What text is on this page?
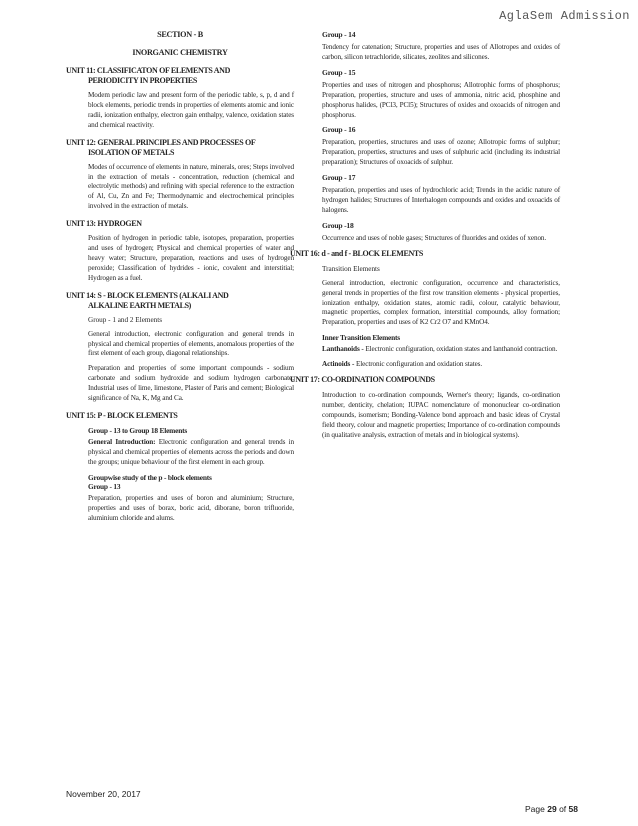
AglaSem Admission
SECTION - B
INORGANIC CHEMISTRY
UNIT 11: CLASSIFICATON OF ELEMENTS AND
PERIODICITY IN PROPERTIES

Modem periodic law and present form of the periodic table, s, p, d and f block elements, periodic trends in properties of elements atomic and ionic radii, ionization enthalpy, electron gain enthalpy, valence, oxidation states and chemical reactivity.

UNIT 12: GENERAL PRINCIPLES AND PROCESSES OF
ISOLATION OF METALS

Modes of occurrence of elements in nature, minerals, ores; Steps involved in the extraction of metals - concentration, reduction (chemical and electrolytic methods) and refining with special reference to the extraction of Al, Cu, Zn and Fe; Thermodynamic and electrochemical principles involved in the extraction of metals.

UNIT 13: HYDROGEN

Position of hydrogen in periodic table, isotopes, preparation, properties and uses of hydrogen; Physical and chemical properties of water and heavy water; Structure, preparation, reactions and uses of hydrogen peroxide; Classification of hydrides - ionic, covalent and interstitial; Hydrogen as a fuel.

UNIT 14: S - BLOCK ELEMENTS (ALKALI AND
ALKALINE EARTH METALS)
Group - 1 and 2 Elements

General introduction, electronic configuration and general trends in physical and chemical properties of elements, anomalous properties of the first element of each group, diagonal relationships.

Preparation and properties of some important compounds - sodium carbonate and sodium hydroxide and sodium hydrogen carbonate; Industrial uses of lime, limestone, Plaster of Paris and cement; Biological significance of Na, K, Mg and Ca.

UNIT 15: P - BLOCK ELEMENTS
Group - 13 to Group 18 Elements

General Introduction: Electronic configuration and general trends in physical and chemical properties of elements across the periods and down the groups; unique behaviour of the first element in each group.

Groupwise study of the p - block elements
Group - 13

Preparation, properties and uses of boron and aluminium; Structure, properties and uses of borax, boric acid, diborane, boron trifluoride, aluminium chloride and alums.

Group - 14

Tendency for catenation; Structure, properties and uses of Allotropes and oxides of carbon, silicon tetrachloride, silicates, zeolites and silicones.

Group - 15

Properties and uses of nitrogen and phosphorus; Allotrophic forms of phosphorus; Preparation, properties, structure and uses of ammonia, nitric acid, phosphine and phosphorus halides, (PCl3, PCl5); Structures of oxides and oxoacids of nitrogen and phosphorus.

Group - 16

Preparation, properties, structures and uses of ozone; Allotropic forms of sulphur; Preparation, properties, structures and uses of sulphuric acid (including its industrial preparation); Structures of oxoacids of sulphur.

Group - 17

Preparation, properties and uses of hydrochloric acid; Trends in the acidic nature of hydrogen halides; Structures of Interhalogen compounds and oxides and oxoacids of halogens.

Group -18

Occurrence and uses of noble gases; Structures of fluorides and oxides of xenon.

UNIT 16: d - and f - BLOCK ELEMENTS
Transition Elements

General introduction, electronic configuration, occurrence and characteristics, general trends in properties of the first row transition elements - physical properties, ionization enthalpy, oxidation states, atomic radii, colour, catalytic behaviour, magnetic properties, complex formation, interstitial compounds, alloy formation; Preparation, properties and uses of K2 Cr2 O7 and KMnO4.

Inner Transition Elements

Lanthanoids - Electronic configuration, oxidation states and lanthanoid contraction.

Actinoids - Electronic configuration and oxidation states.

UNIT 17: CO-ORDINATION COMPOUNDS

Introduction to co-ordination compounds, Werner's theory; ligands, co-ordination number, denticity, chelation; IUPAC nomenclature of mononuclear co-ordination compounds, isomerism; Bonding-Valence bond approach and basic ideas of Crystal field theory, colour and magnetic properties; Importance of co-ordination compounds (in qualitative analysis, extraction of metals and in biological systems).

November 20, 2017
Page 29 of 58
